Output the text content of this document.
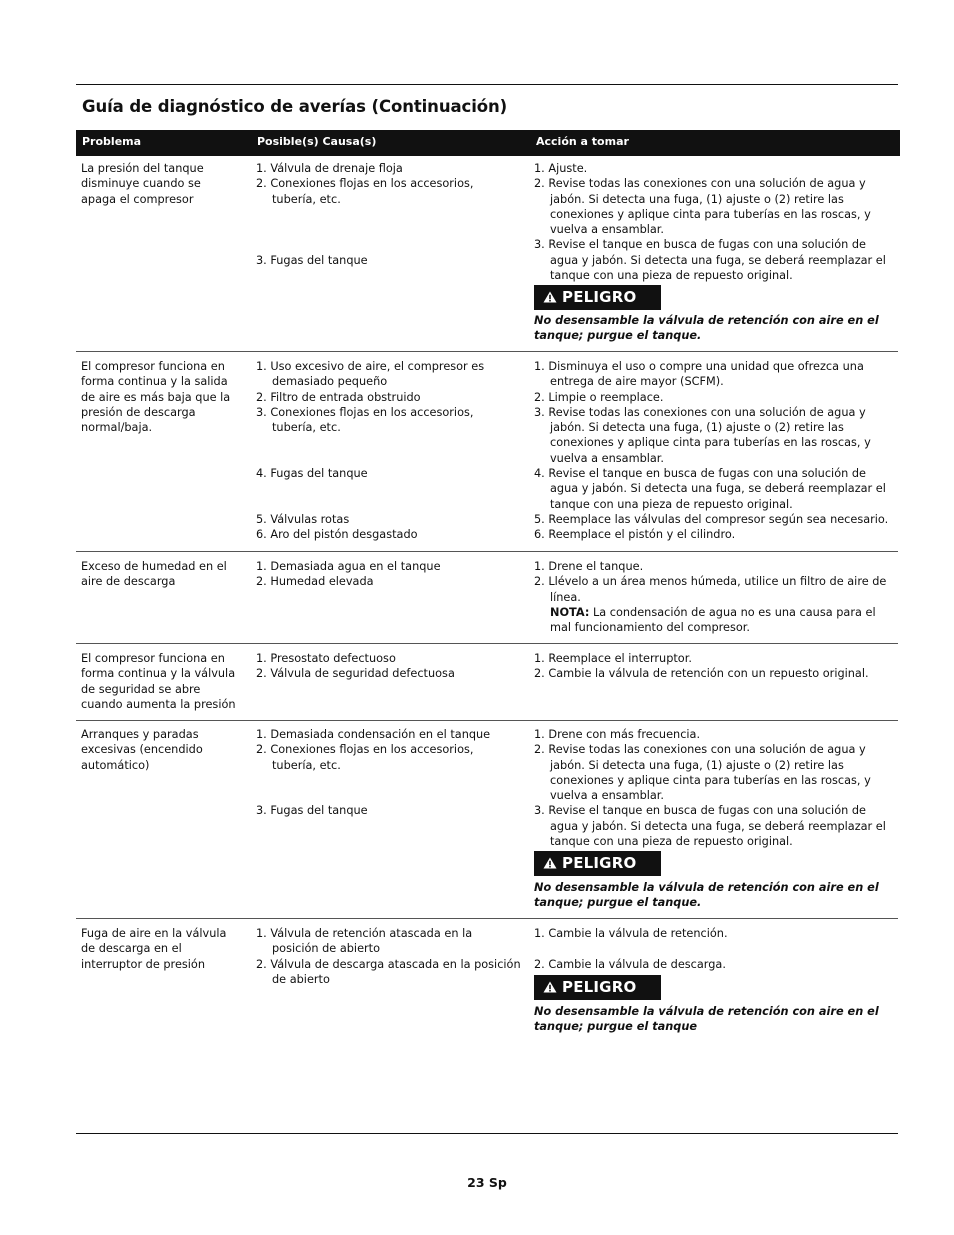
Guía de diagnóstico de averías (Continuación)
Problema	Posible(s) Causa(s)	Acción a tomar
La presión del tanque
disminuye cuando se
apaga el compresor
1. Válvula de drenaje floja
2. Conexiones flojas en los accesorios,
tubería, etc.
3. Fugas del tanque
1. Ajuste.
2. Revise todas las conexiones con una solución de agua y
jabón. Si detecta una fuga, (1) ajuste o (2) retire las
conexiones y aplique cinta para tuberías en las roscas, y
vuelva a ensamblar.
3. Revise el tanque en busca de fugas con una solución de
agua y jabón. Si detecta una fuga, se deberá reemplazar el
tanque con una pieza de repuesto original.
PELIGRO
No desensamble la válvula de retención con aire en el
tanque; purgue el tanque.
El compresor funciona en
forma continua y la salida
de aire es más baja que la
presión de descarga
normal/baja.
1. Uso excesivo de aire, el compresor es
demasiado pequeño
2. Filtro de entrada obstruido
3. Conexiones flojas en los accesorios,
tubería, etc.
4. Fugas del tanque
5. Válvulas rotas
6. Aro del pistón desgastado
1. Disminuya el uso o compre una unidad que ofrezca una
entrega de aire mayor (SCFM).
2. Limpie o reemplace.
3. Revise todas las conexiones con una solución de agua y
jabón. Si detecta una fuga, (1) ajuste o (2) retire las
conexiones y aplique cinta para tuberías en las roscas, y
vuelva a ensamblar.
4. Revise el tanque en busca de fugas con una solución de
agua y jabón. Si detecta una fuga, se deberá reemplazar el
tanque con una pieza de repuesto original.
5. Reemplace las válvulas del compresor según sea necesario.
6. Reemplace el pistón y el cilindro.
Exceso de humedad en el
aire de descarga
1. Demasiada agua en el tanque
2. Humedad elevada
1. Drene el tanque.
2. Llévelo a un área menos húmeda, utilice un filtro de aire de
línea.
NOTA: La condensación de agua no es una causa para el
mal funcionamiento del compresor.
El compresor funciona en
forma continua y la válvula
de seguridad se abre
cuando aumenta la presión
1. Presostato defectuoso
2. Válvula de seguridad defectuosa
1. Reemplace el interruptor.
2. Cambie la válvula de retención con un repuesto original.
Arranques y paradas
excesivas (encendido
automático)
1. Demasiada condensación en el tanque
2. Conexiones flojas en los accesorios,
tubería, etc.
3. Fugas del tanque
1. Drene con más frecuencia.
2. Revise todas las conexiones con una solución de agua y
jabón. Si detecta una fuga, (1) ajuste o (2) retire las
conexiones y aplique cinta para tuberías en las roscas, y
vuelva a ensamblar.
3. Revise el tanque en busca de fugas con una solución de
agua y jabón. Si detecta una fuga, se deberá reemplazar el
tanque con una pieza de repuesto original.
PELIGRO
No desensamble la válvula de retención con aire en el
tanque; purgue el tanque.
Fuga de aire en la válvula
de descarga en el
interruptor de presión
1. Válvula de retención atascada en la
posición de abierto
2. Válvula de descarga atascada en la posición
de abierto
1. Cambie la válvula de retención.
2. Cambie la válvula de descarga.
PELIGRO
No desensamble la válvula de retención con aire en el
tanque; purgue el tanque
23 Sp
